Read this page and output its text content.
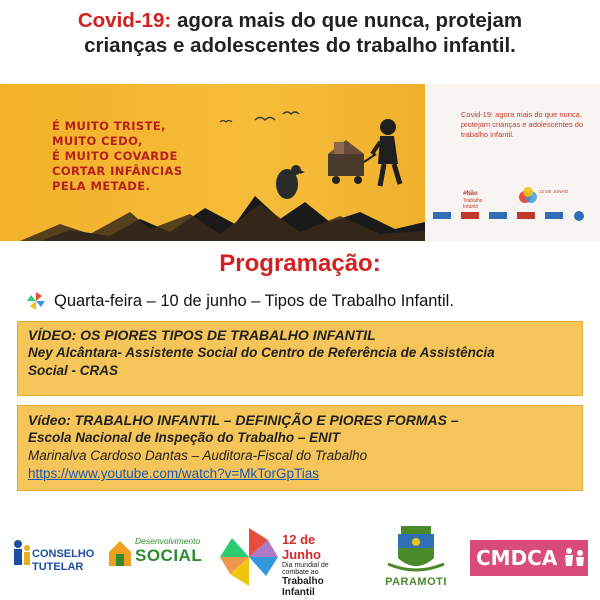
Covid-19: agora mais do que nunca, protejam
crianças e adolescentes do trabalho infantil.
É MUITO TRISTE,
MUITO CEDO,
É MUITO COVARDE
CORTAR INFÂNCIAS
PELA METADE.
Covid-19: agora mais do que nunca, protejam crianças e adolescentes do trabalho infantil.
#Não
Trabalho
Infantil
12 DE JUNHO
Programação:
Quarta-feira – 10 de junho – Tipos de Trabalho Infantil.
VÍDEO: OS PIORES TIPOS DE TRABALHO INFANTIL
Ney Alcântara- Assistente Social do Centro de Referência de Assistência
Social - CRAS
Vídeo: TRABALHO INFANTIL – DEFINIÇÃO E PIORES FORMAS –
Escola Nacional de Inspeção do Trabalho – ENIT
Marinalva Cardoso Dantas – Auditora-Fiscal do Trabalho
https://www.youtube.com/watch?v=MkTorGpTias
CONSELHO
TUTELAR
Desenvolvimento
SOCIAL
12 de Junho
Dia mundial de combate ao
Trabalho Infantil
PARAMOTI
CMDCA
